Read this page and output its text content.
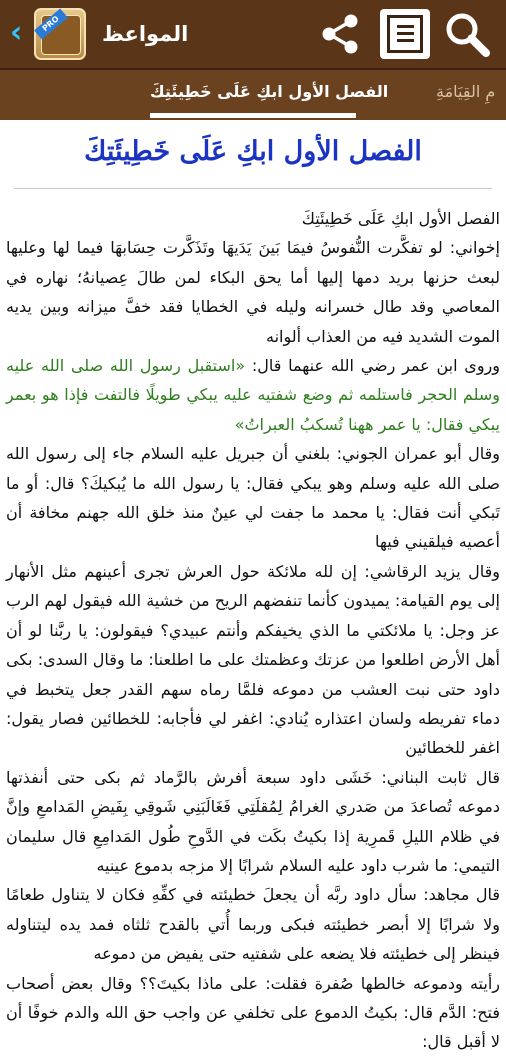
‹	PRO	المواعظ
الفصل الأول ابكِ عَلَى خَطِيئَتِكَ	مِ القِيَامَةِ
الفصل الأول ابكِ عَلَى خَطِيئَتِكَ

الفصل الأول ابكِ عَلَى خَطِيئَتِكَ

إخواني: لو تفكَّرت النُّفوسُ فيمَا بَينَ يَدَيهَا وتَذَكَّرت حِسَابهَا فيما لها وعليها لبعث حزنها بريد دمها إليها أما يحق البكاء لمن طالَ عِصيانهُ؛ نهاره في المعاصي وقد طال خسرانه وليله في الخطايا فقد خفَّ ميزانه وبين يديه الموت الشديد فيه من العذاب ألوانه

وروى ابن عمر رضي الله عنهما قال: «استقبل رسول الله صلى الله عليه وسلم الحجر فاستلمه ثم وضع شفتيه عليه يبكي طويلًا فالتفت فإذا هو بعمر يبكي فقال: يا عمر ههنا تُسكبُ العبراتُ»

وقال أبو عمران الجوني: بلغني أن جبريل عليه السلام جاء إلى رسول الله صلى الله عليه وسلم وهو يبكي فقال: يا رسول الله ما يُبكيكَ؟ قال: أو ما تَبكي أنت فقال: يا محمد ما جفت لي عينٌ منذ خلق الله جهنم مخافة أن أعصيه فيلقيني فيها

وقال يزيد الرقاشي: إن لله ملائكة حول العرش تجرى أعينهم مثل الأنهار إلى يوم القيامة: يميدون كأنما تنفضهم الريح من خشية الله فيقول لهم الرب عز وجل: يا ملائكتي ما الذي يخيفكم وأنتم عبيدي؟ فيقولون: يا ربَّنا لو أن أهل الأرض اطلعوا من عزتك وعظمتك على ما اطلعنا: ما وقال السدى: بكى داود حتى نبت العشب من دموعه فلمَّا رماه سهم القدر جعل يتخبط في دماء تفريطه ولسان اعتذاره يُنادي: اغفر لي فأجابه: للخطائين فصار يقول: اغفر للخطائين

قال ثابت البناني: خَشَى داود سبعة أفرش بالرَّماد ثم بكى حتى أنفذتها دموعه تُصاعدَ من صَدري الغرامُ لِمُقلَتِي فَغَالَبَنِي شَوقِي بِفَيضِ المَدامعِ وإنَّ في ظلام الليلِ قَمرِية إذا بكيتُ بكَت في الدَّوحِ طُول المَدامِعِ قال سليمان التيمي: ما شرب داود عليه السلام شرابًا إلا مزجه بدموع عينيه

قال مجاهد: سأل داود ربَّه أن يجعلَ خطيئته في كفِّهِ فكان لا يتناول طعامًا ولا شرابًا إلا أبصر خطيئته فبكى وربما أُتي بالقدح ثلثاه فمد يده ليتناوله فينظر إلى خطيئته فلا يضعه على شفتيه حتى يفيض من دموعه

رأيته ودموعه خالطها صُفرة فقلت: على ماذا بكيتَ؟؟ وقال بعض أصحاب فتح: الدَّم قال: بكيتُ الدموع على تخلفي عن واجب حق الله والدم خوفًا أن لا أقبل قال:
